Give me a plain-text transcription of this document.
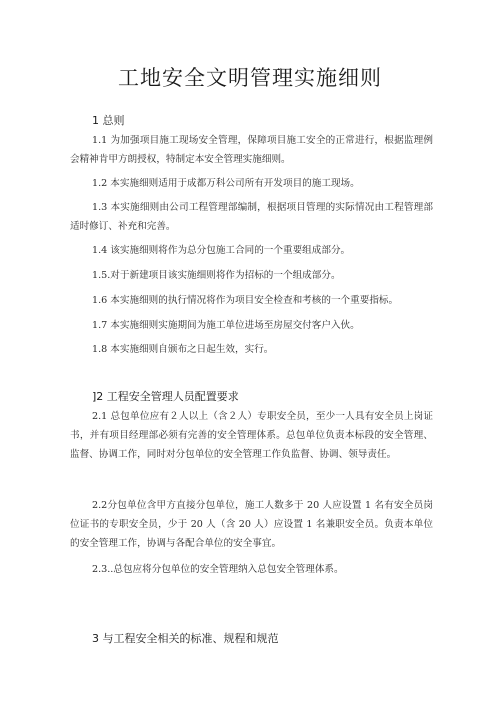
工地安全文明管理实施细则
1 总则
1.1 为加强项目施工现场安全管理，保障项目施工安全的正常进行，根据监理例会精神肯甲方朗授权，特制定本安全管理实施细则。
1.2 本实施细则适用于成都万科公司所有开发项目的施工现场。
1.3 本实施细则由公司工程管理部编制，根据项目管理的实际情况由工程管理部适时修订、补充和完善。
1.4 该实施细则将作为总分包施工合同的一个重要组成部分。
1.5.对于新建项目该实施细则将作为招标的一个组成部分。
1.6 本实施细则的执行情况将作为项目安全检查和考核的一个重要指标。
1.7 本实施细则实施期间为施工单位进场至房屋交付客户入伙。
1.8 本实施细则自颁布之日起生效，实行。
]2 工程安全管理人员配置要求
2.1 总包单位应有２人以上（含２人）专职安全员，至少一人具有安全员上岗证书，并有项目经理部必须有完善的安全管理体系。总包单位负责本标段的安全管理、监督、协调工作，同时对分包单位的安全管理工作负监督、协调、领导责任。
2.2分包单位含甲方直接分包单位，施工人数多于 20 人应设置 1 名有安全员岗位证书的专职安全员，少于 20 人（含 20 人）应设置 1 名兼职安全员。负责本单位的安全管理工作，协调与各配合单位的安全事宜。
2.3..总包应将分包单位的安全管理纳入总包安全管理体系。
3 与工程安全相关的标准、规程和规范
